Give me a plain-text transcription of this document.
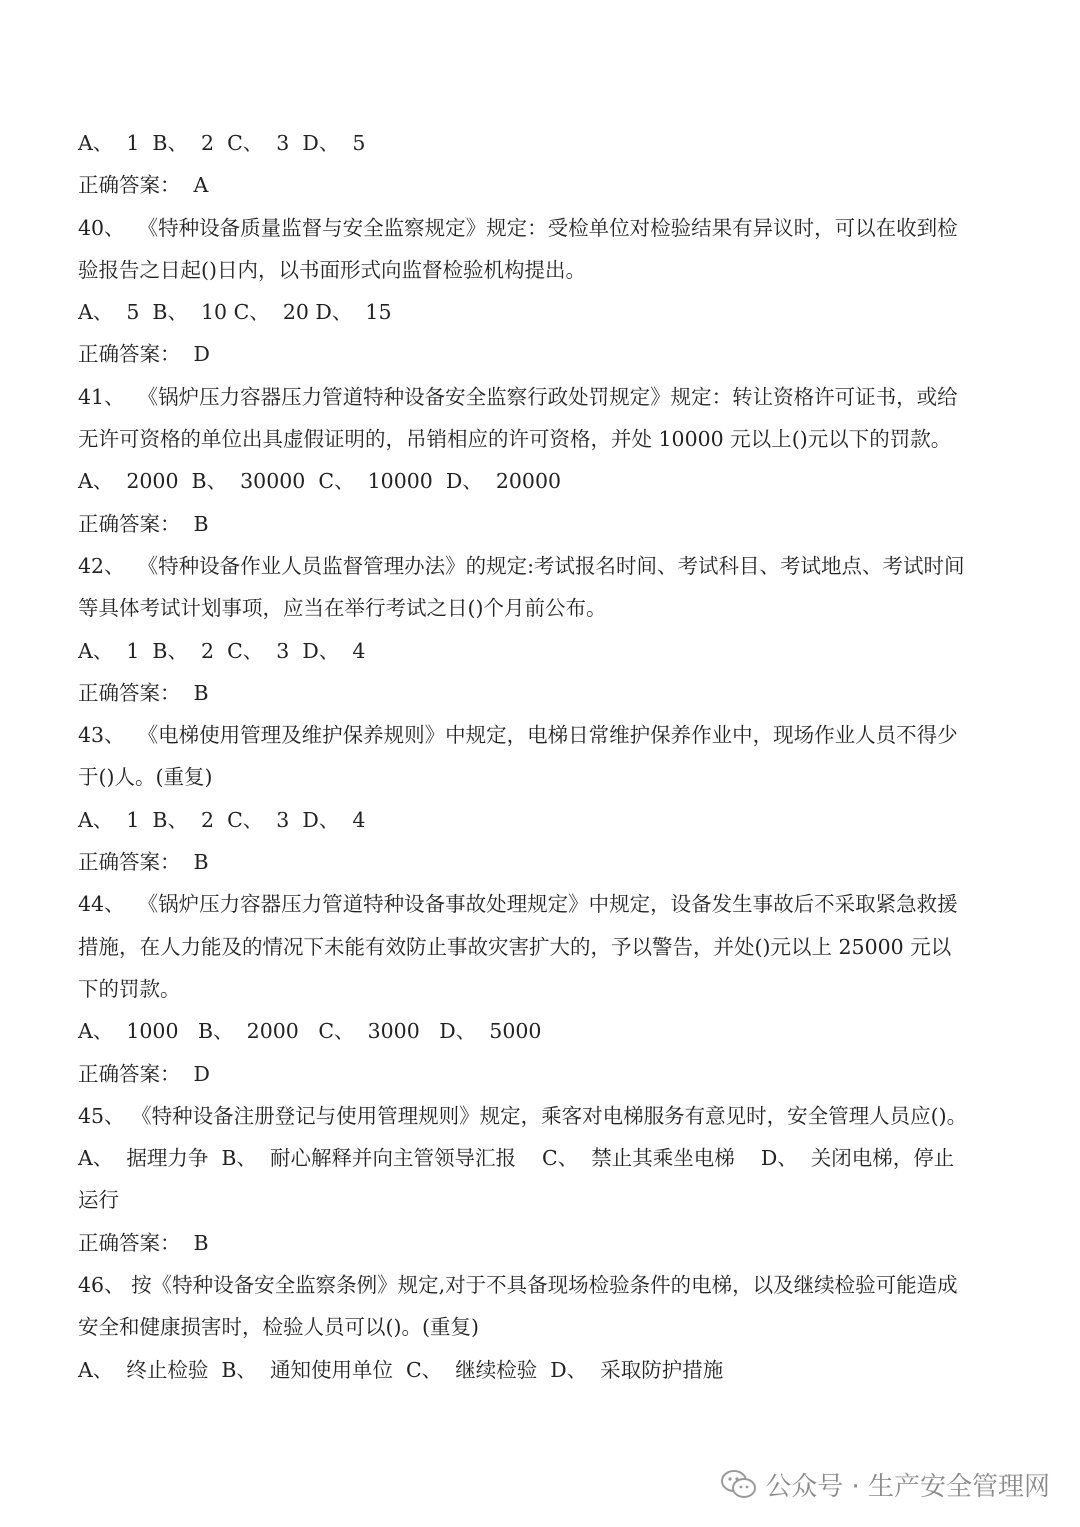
A、  1  B、  2  C、  3  D、  5
正确答案：  A
40、  《特种设备质量监督与安全监察规定》规定：受检单位对检验结果有异议时，可以在收到检
验报告之日起()日内，以书面形式向监督检验机构提出。
A、  5  B、  10 C、  20 D、  15
正确答案：  D
41、  《锅炉压力容器压力管道特种设备安全监察行政处罚规定》规定：转让资格许可证书，或给
无许可资格的单位出具虚假证明的，吊销相应的许可资格，并处 10000 元以上()元以下的罚款。
A、  2000  B、  30000  C、  10000  D、  20000
正确答案：  B
42、  《特种设备作业人员监督管理办法》的规定:考试报名时间、考试科目、考试地点、考试时间
等具体考试计划事项，应当在举行考试之日()个月前公布。
A、  1  B、  2  C、  3  D、  4
正确答案：  B
43、  《电梯使用管理及维护保养规则》中规定，电梯日常维护保养作业中，现场作业人员不得少
于()人。(重复)
A、  1  B、  2  C、  3  D、  4
正确答案：  B
44、  《锅炉压力容器压力管道特种设备事故处理规定》中规定，设备发生事故后不采取紧急救援
措施，在人力能及的情况下未能有效防止事故灾害扩大的，予以警告，并处()元以上 25000 元以
下的罚款。
A、  1000   B、  2000   C、  3000   D、  5000
正确答案：  D
45、 《特种设备注册登记与使用管理规则》规定，乘客对电梯服务有意见时，安全管理人员应()。
A、  据理力争  B、  耐心解释并向主管领导汇报    C、  禁止其乘坐电梯    D、  关闭电梯，停止
运行
正确答案：  B
46、 按《特种设备安全监察条例》规定,对于不具备现场检验条件的电梯，以及继续检验可能造成
安全和健康损害时，检验人员可以()。(重复)
A、  终止检验  B、  通知使用单位  C、  继续检验  D、  采取防护措施
公众号 · 生产安全管理网
